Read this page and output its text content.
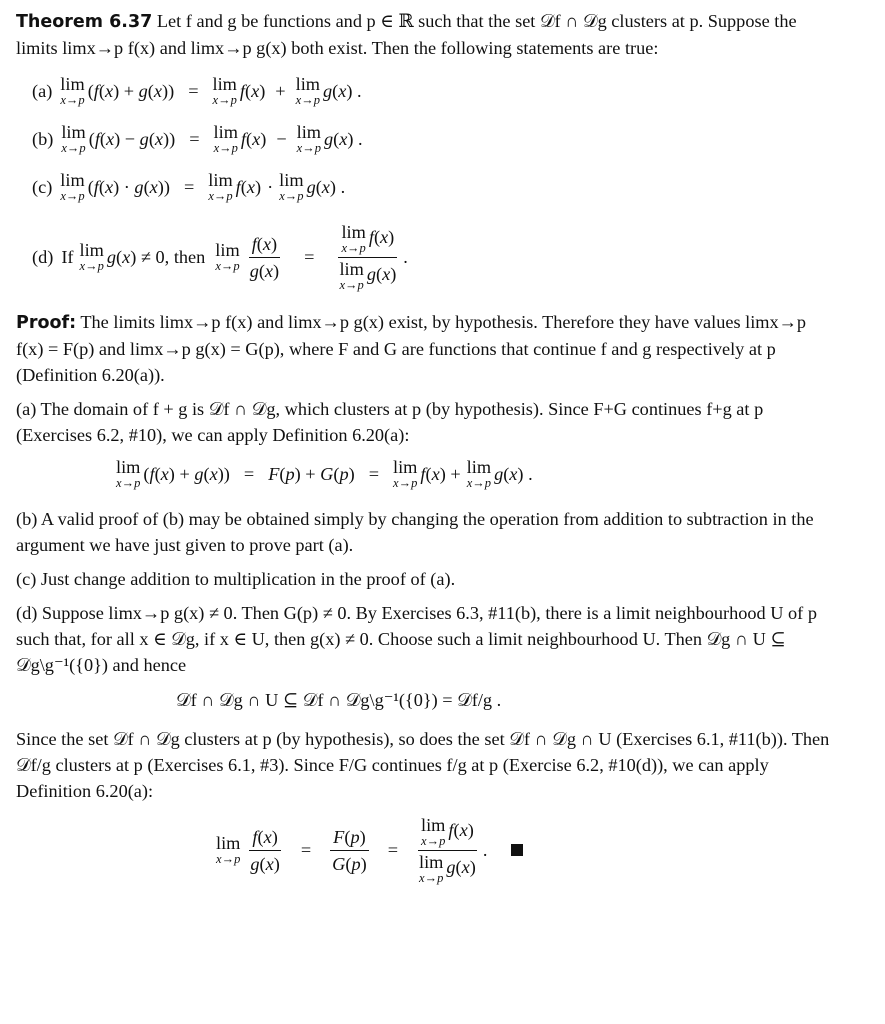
Theorem 6.37 Let f and g be functions and p ∈ ℝ such that the set 𝒟f ∩ 𝒟g clusters at p. Suppose the limits limx→p f(x) and limx→p g(x) both exist. Then the following statements are true:

(a) lim
x→p (f(x) + g(x)) = lim
x→p f(x) + lim
x→p g(x) .
(b) lim
x→p (f(x) − g(x)) = lim
x→p f(x) − lim
x→p g(x) .
(c) lim
x→p (f(x) · g(x)) = lim
x→p f(x) · lim
x→p g(x) .
(d) If lim
x→p g(x) ≠ 0 , then lim
$x\to p \frac{f(x)}{g(x)} = \lim$
x→p
f(x)
lim
x→p
g(x) .

Proof: The limits limx→p f(x) and limx→p g(x) exist, by hypothesis. Therefore they have values limx→p f(x) = F(p) and limx→p g(x) = G(p), where F and G are functions that continue f and g respectively at p (Definition 6.20(a)).

(a) The domain of f + g is 𝒟f ∩ 𝒟g, which clusters at p (by hypothesis). Since F+G continues f+g at p (Exercises 6.2, #10), we can apply Definition 6.20(a):

lim
x→p (f(x) + g(x)) = F(p) + G(p) = lim
x→p f(x) + lim
x→p g(x) .

(b) A valid proof of (b) may be obtained simply by changing the operation from addition to subtraction in the argument we have just given to prove part (a).

(c) Just change addition to multiplication in the proof of (a).

(d) Suppose limx→p g(x) ≠ 0. Then G(p) ≠ 0. By Exercises 6.3, #11(b), there is a limit neighbourhood U of p such that, for all x ∈ 𝒟g, if x ∈ U, then g(x) ≠ 0. Choose such a limit neighbourhood U. Then 𝒟g ∩ U ⊆ 𝒟g\g⁻¹({0}) and hence

𝒟f ∩ 𝒟g ∩ U ⊆ 𝒟f ∩ 𝒟g\g⁻¹({0}) = 𝒟f/g .

Since the set 𝒟f ∩ 𝒟g clusters at p (by hypothesis), so does the set 𝒟f ∩ 𝒟g ∩ U (Exercises 6.1, #11(b)). Then 𝒟f/g clusters at p (Exercises 6.1, #3). Since F/G continues f/g at p (Exercise 6.2, #10(d)), we can apply Definition 6.20(a):

lim
$x\to p \frac{f(x)}{g(x)} = \frac{F(p)}{G(p)} = \lim$
x→p
f(x)
lim
x→p
g(x) .
